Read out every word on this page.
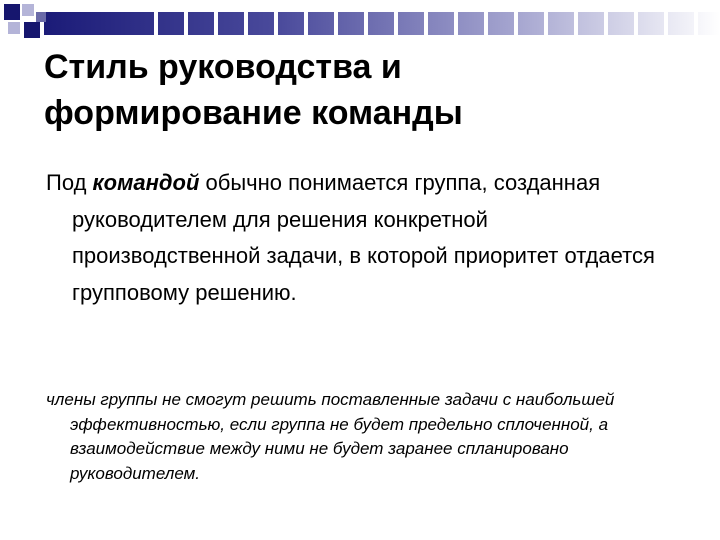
Стиль руководства и
формирование команды
Под командой обычно понимается группа, созданная руководителем для решения конкретной производственной задачи, в которой приоритет отдается групповому решению.
члены группы не смогут решить поставленные задачи с наибольшей эффективностью, если группа не будет предельно сплоченной, а взаимодействие между ними не будет заранее спланировано руководителем.
